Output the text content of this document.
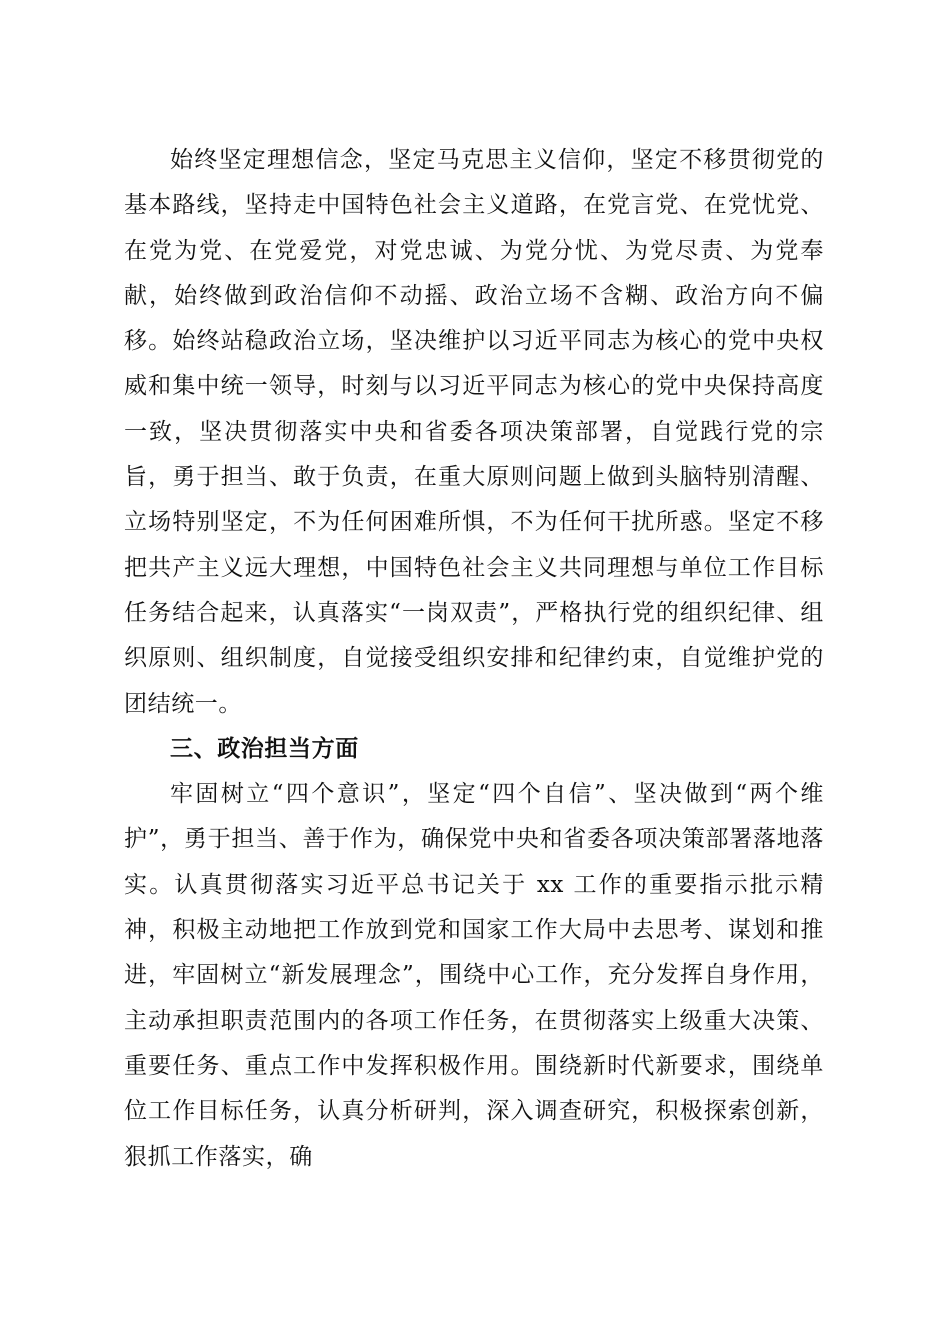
始终坚定理想信念，坚定马克思主义信仰，坚定不移贯彻党的基本路线，坚持走中国特色社会主义道路，在党言党、在党忧党、在党为党、在党爱党，对党忠诚、为党分忧、为党尽责、为党奉献，始终做到政治信仰不动摇、政治立场不含糊、政治方向不偏移。始终站稳政治立场，坚决维护以习近平同志为核心的党中央权威和集中统一领导，时刻与以习近平同志为核心的党中央保持高度一致，坚决贯彻落实中央和省委各项决策部署，自觉践行党的宗旨，勇于担当、敢于负责，在重大原则问题上做到头脑特别清醒、立场特别坚定，不为任何困难所惧，不为任何干扰所惑。坚定不移把共产主义远大理想，中国特色社会主义共同理想与单位工作目标任务结合起来，认真落实“一岗双责”，严格执行党的组织纪律、组织原则、组织制度，自觉接受组织安排和纪律约束，自觉维护党的团结统一。

三、政治担当方面

牢固树立“四个意识”，坚定“四个自信”、坚决做到“两个维护”，勇于担当、善于作为，确保党中央和省委各项决策部署落地落实。认真贯彻落实习近平总书记关于 xx 工作的重要指示批示精神，积极主动地把工作放到党和国家工作大局中去思考、谋划和推进，牢固树立“新发展理念”，围绕中心工作，充分发挥自身作用，主动承担职责范围内的各项工作任务，在贯彻落实上级重大决策、重要任务、重点工作中发挥积极作用。围绕新时代新要求，围绕单位工作目标任务，认真分析研判，深入调查研究，积极探索创新，狠抓工作落实，确
